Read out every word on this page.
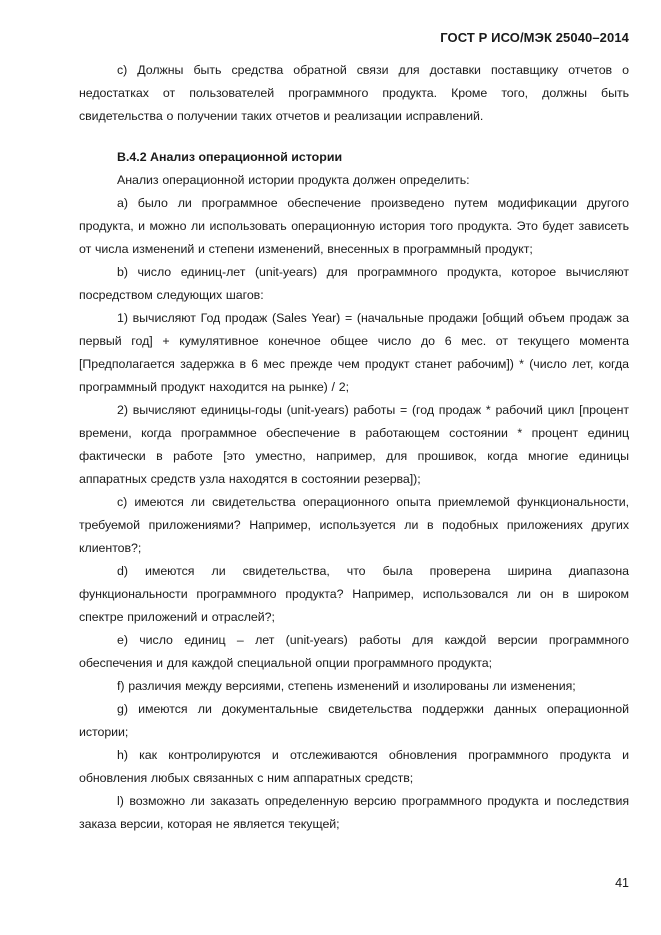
ГОСТ Р ИСО/МЭК 25040–2014

c) Должны быть средства обратной связи для доставки поставщику отчетов о недостатках от пользователей программного продукта. Кроме того, должны быть свидетельства о получении таких отчетов и реализации исправлений.

В.4.2 Анализ операционной истории

Анализ операционной истории продукта должен определить:

а) было ли программное обеспечение произведено путем модификации другого продукта, и можно ли использовать операционную история того продукта. Это будет зависеть от числа изменений и степени изменений, внесенных в программный продукт;

b) число единиц-лет (unit-years) для программного продукта, которое вычисляют посредством следующих шагов:

1) вычисляют Год продаж (Sales Year) = (начальные продажи [общий объем продаж за первый год] + кумулятивное конечное общее число до 6 мес. от текущего момента [Предполагается задержка в 6 мес прежде чем продукт станет рабочим]) * (число лет, когда программный продукт находится на рынке) / 2;

2) вычисляют единицы-годы (unit-years) работы = (год продаж * рабочий цикл [процент времени, когда программное обеспечение в работающем состоянии * процент единиц фактически в работе [это уместно, например, для прошивок, когда многие единицы аппаратных средств узла находятся в состоянии резерва]);

c) имеются ли свидетельства операционного опыта приемлемой функциональности, требуемой приложениями? Например, используется ли в подобных приложениях других клиентов?;

d) имеются ли свидетельства, что была проверена ширина диапазона функциональности программного продукта? Например, использовался ли он в широком спектре приложений и отраслей?;

e) число единиц – лет (unit-years) работы для каждой версии программного обеспечения и для каждой специальной опции программного продукта;

f) различия между версиями, степень изменений и изолированы ли изменения;

g) имеются ли документальные свидетельства поддержки данных операционной истории;

h) как контролируются и отслеживаются обновления программного продукта и обновления любых связанных с ним аппаратных средств;

l) возможно ли заказать определенную версию программного продукта и последствия заказа версии, которая не является текущей;

41
